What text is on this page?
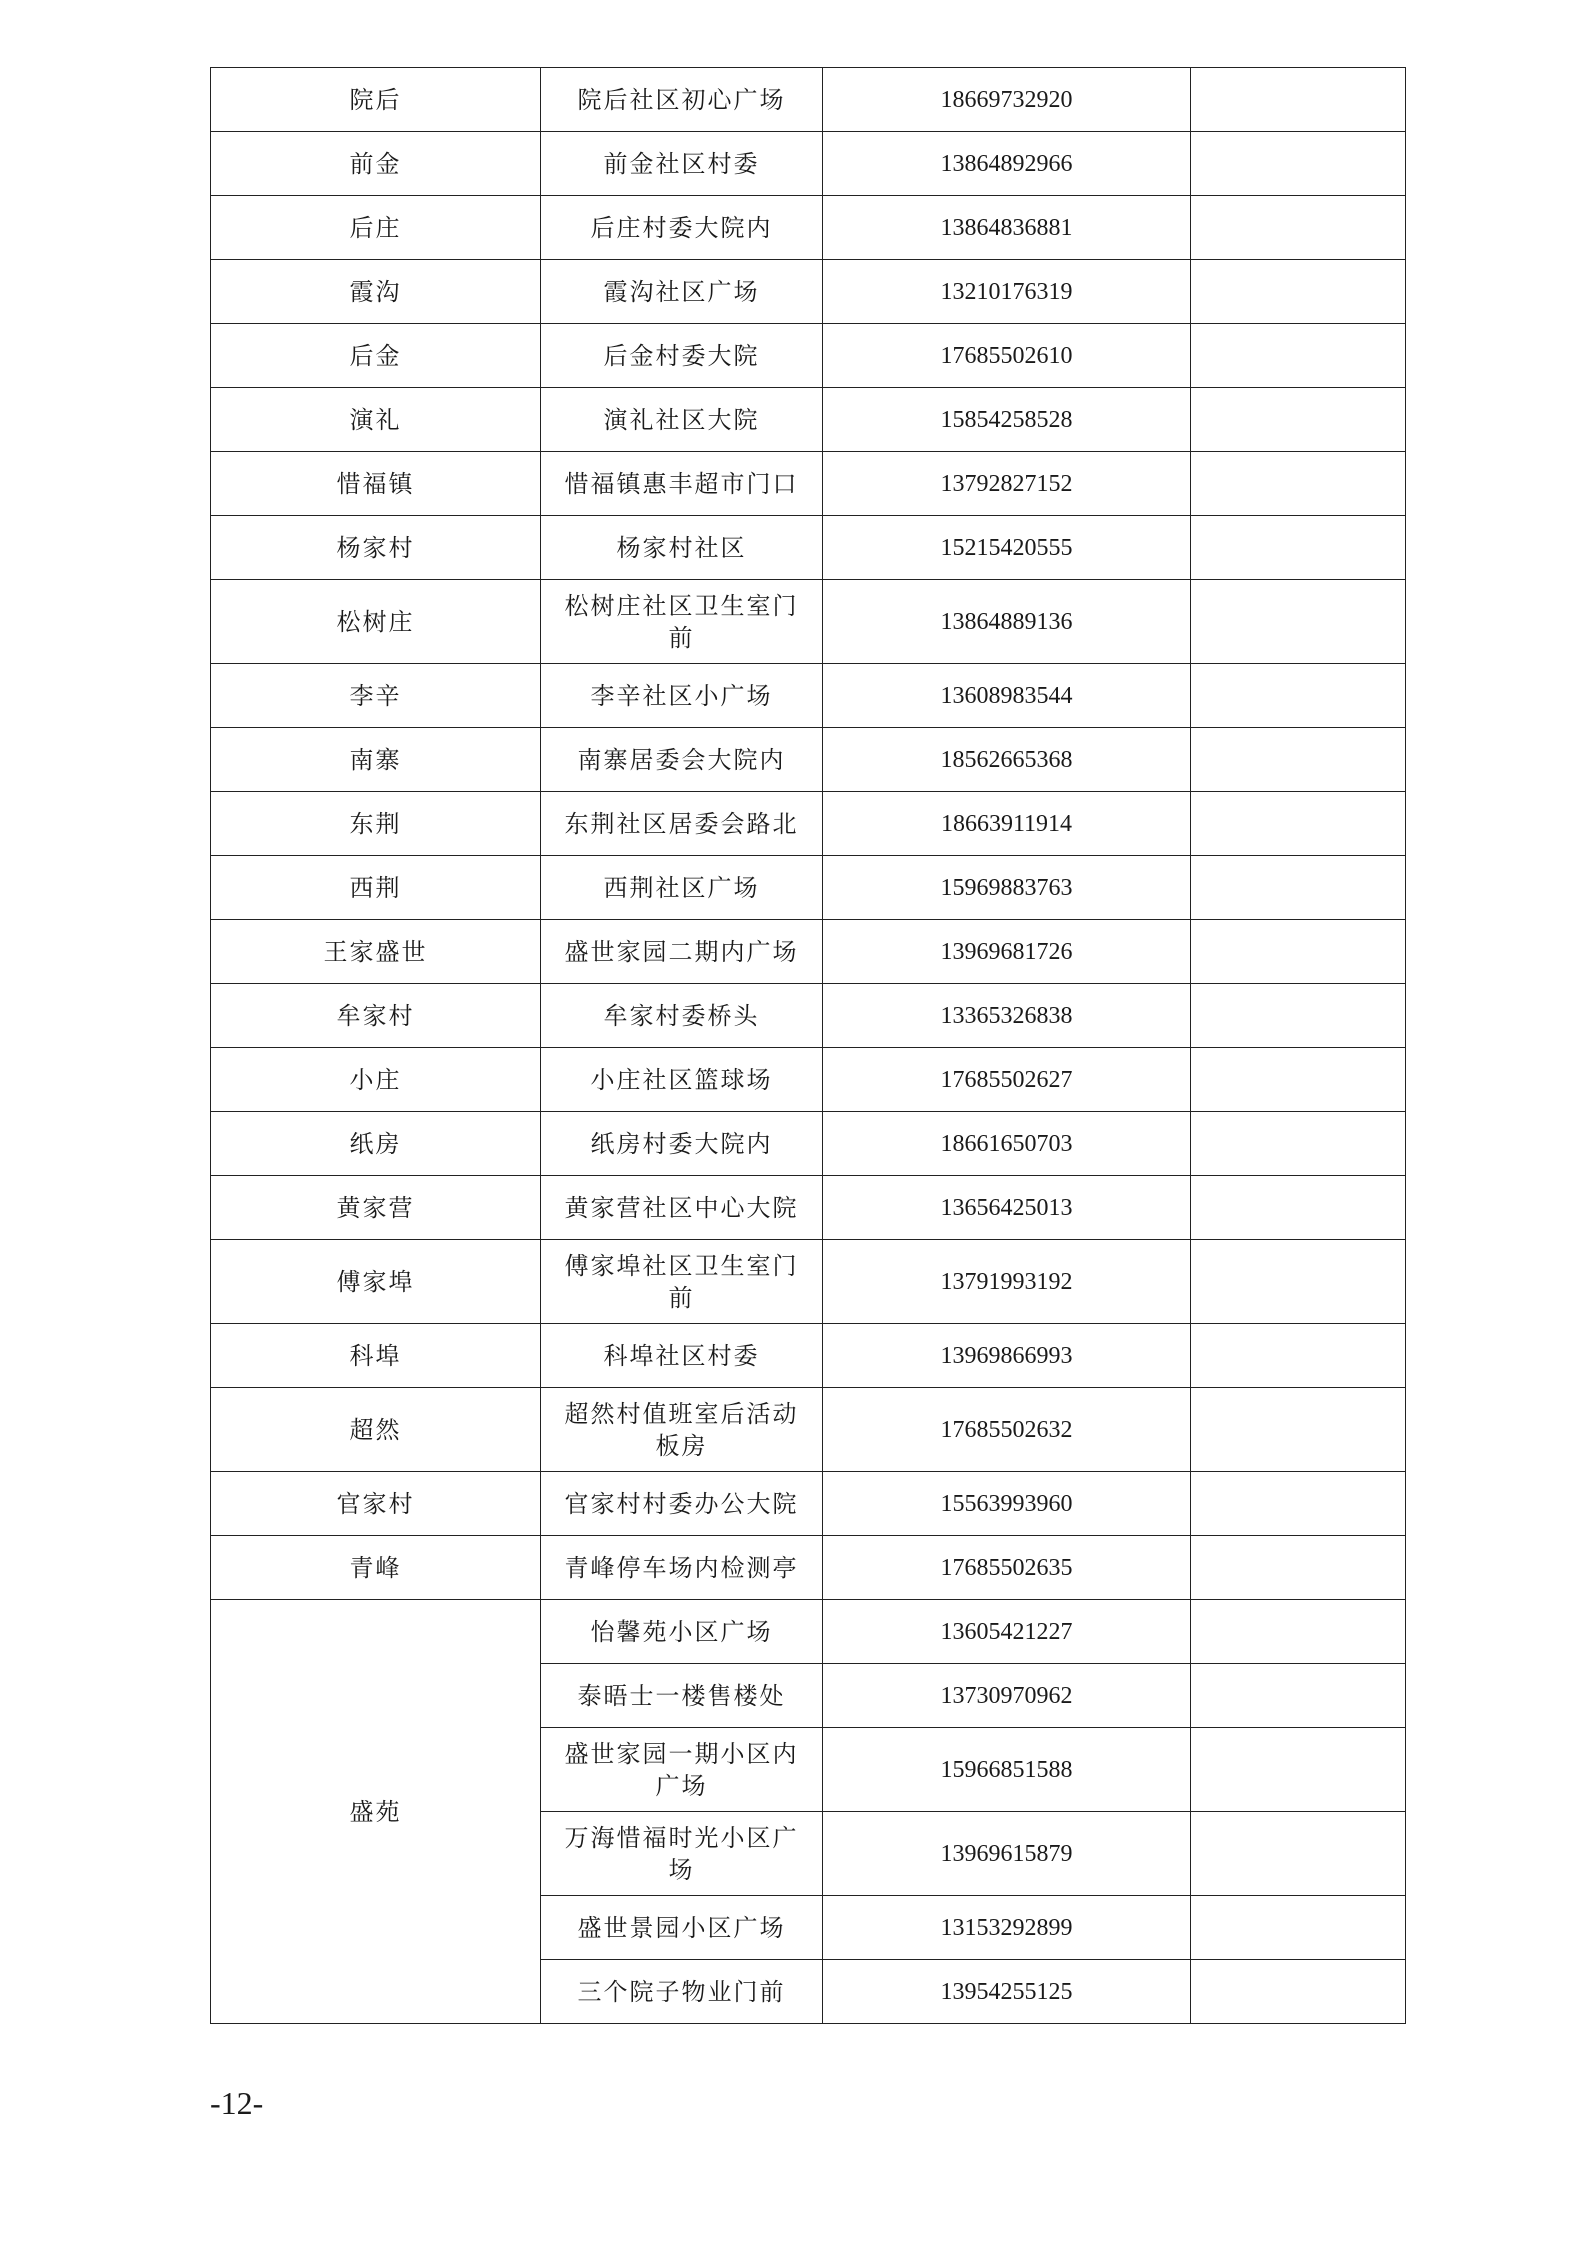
院后	院后社区初心广场	18669732920	
前金	前金社区村委	13864892966	
后庄	后庄村委大院内	13864836881	
霞沟	霞沟社区广场	13210176319	
后金	后金村委大院	17685502610	
演礼	演礼社区大院	15854258528	
惜福镇	惜福镇惠丰超市门口	13792827152	
杨家村	杨家村社区	15215420555	
松树庄	松树庄社区卫生室门前	13864889136	
李辛	李辛社区小广场	13608983544	
南寨	南寨居委会大院内	18562665368	
东荆	东荆社区居委会路北	18663911914	
西荆	西荆社区广场	15969883763	
王家盛世	盛世家园二期内广场	13969681726	
牟家村	牟家村委桥头	13365326838	
小庄	小庄社区篮球场	17685502627	
纸房	纸房村委大院内	18661650703	
黄家营	黄家营社区中心大院	13656425013	
傅家埠	傅家埠社区卫生室门前	13791993192	
科埠	科埠社区村委	13969866993	
超然	超然村值班室后活动板房	17685502632	
官家村	官家村村委办公大院	15563993960	
青峰	青峰停车场内检测亭	17685502635	
盛苑	怡馨苑小区广场	13605421227	
	泰晤士一楼售楼处	13730970962	
	盛世家园一期小区内广场	15966851588	
	万海惜福时光小区广场	13969615879	
	盛世景园小区广场	13153292899	
	三个院子物业门前	13954255125	
-12-
